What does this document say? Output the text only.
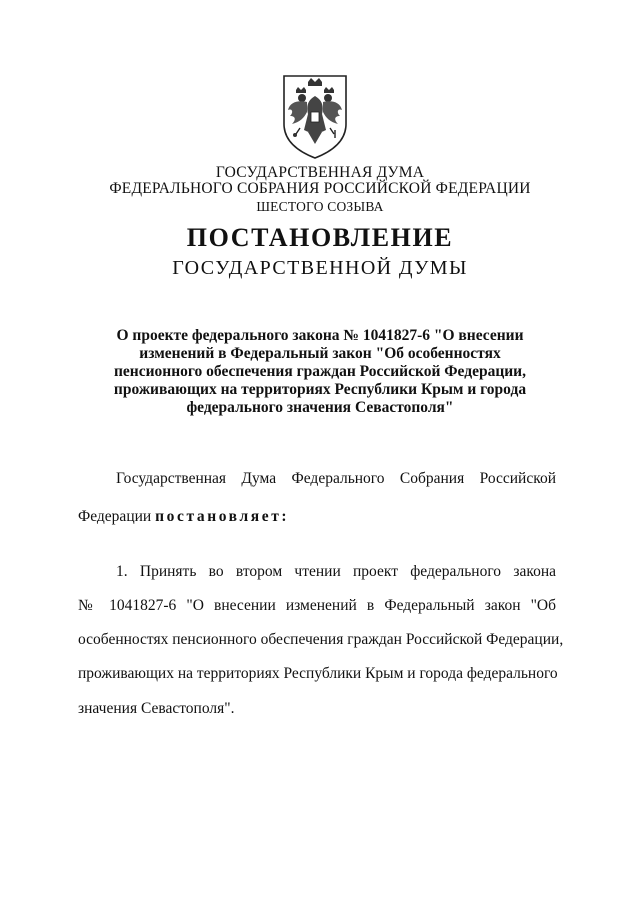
ГОСУДАРСТВЕННАЯ ДУМА
ФЕДЕРАЛЬНОГО СОБРАНИЯ РОССИЙСКОЙ ФЕДЕРАЦИИ
ШЕСТОГО СОЗЫВА
ПОСТАНОВЛЕНИЕ
ГОСУДАРСТВЕННОЙ ДУМЫ
О проекте федерального закона № 1041827-6 "О внесении
изменений в Федеральный закон "Об особенностях
пенсионного обеспечения граждан Российской Федерации,
проживающих на территориях Республики Крым и города
федерального значения Севастополя"
Государственная Дума Федерального Собрания Российской
Федерации постановляет:
1. Принять во втором чтении проект федерального закона
№ 1041827-6 "О внесении изменений в Федеральный закон "Об
особенностях пенсионного обеспечения граждан Российской Федерации,
проживающих на территориях Республики Крым и города федерального
значения Севастополя".
